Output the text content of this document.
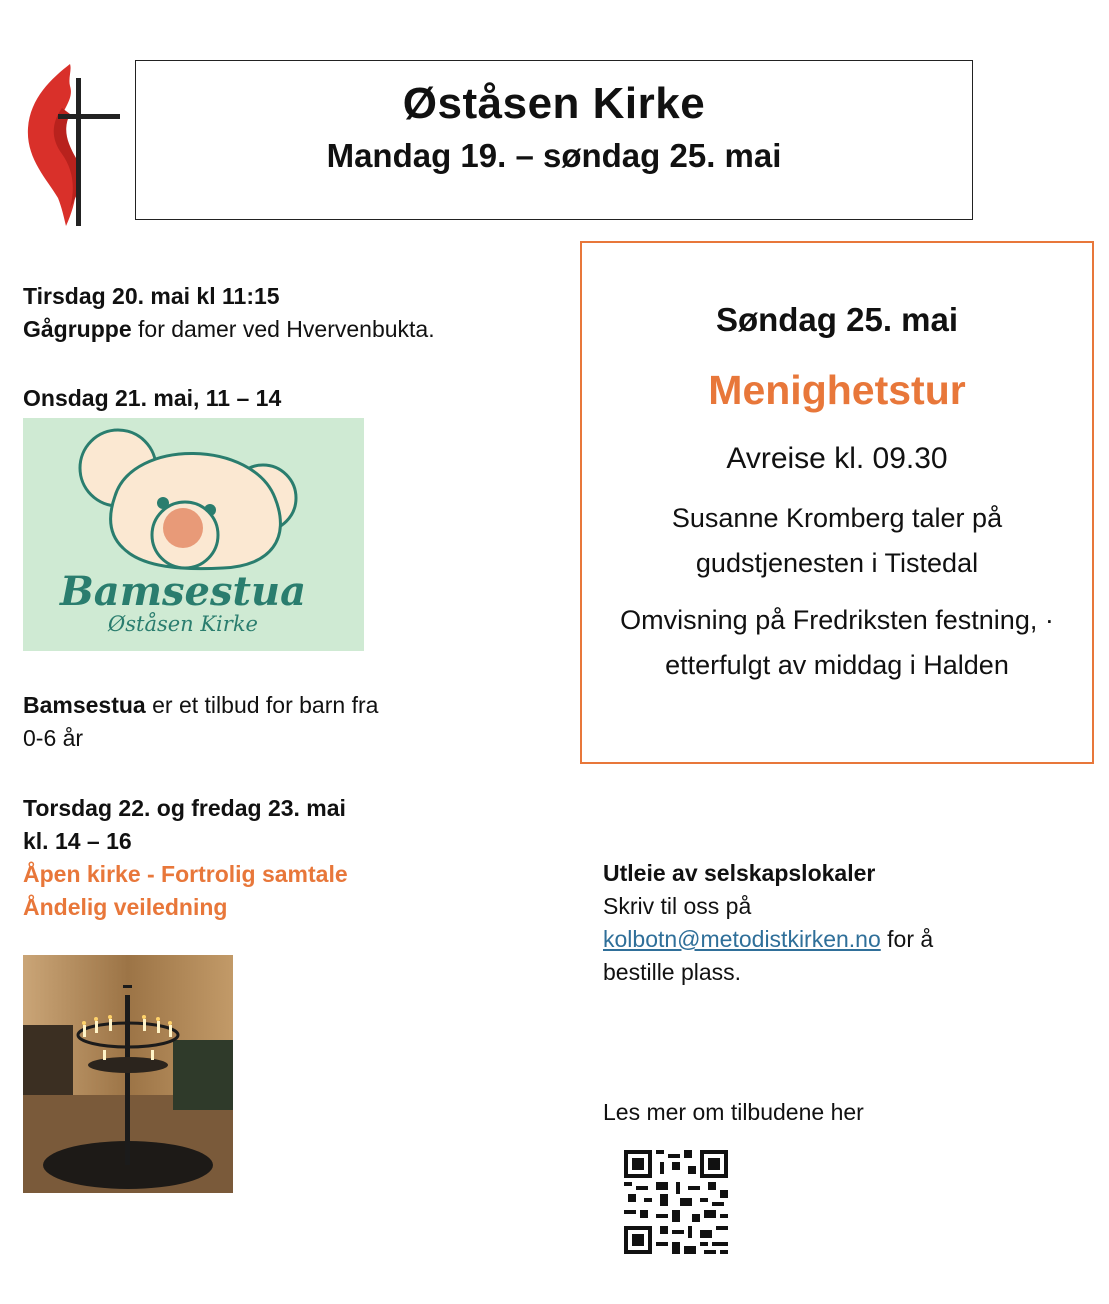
Øståsen Kirke
Mandag 19. – søndag 25. mai
Tirsdag 20. mai kl 11:15
Gågruppe for damer ved Hvervenbukta.
Onsdag 21. mai, 11 – 14
Bamsestua
Øståsen Kirke
Bamsestua er et tilbud for barn fra
0-6 år
Torsdag 22. og fredag 23. mai
kl. 14 – 16
Åpen kirke - Fortrolig samtale
Åndelig veiledning
Søndag 25. mai
Menighetstur
Avreise kl. 09.30
Susanne Kromberg taler på
gudstjenesten i Tistedal
Omvisning på Fredriksten festning, ·
etterfulgt av middag i Halden
Utleie av selskapslokaler
Skriv til oss på
kolbotn@metodistkirken.no for å
bestille plass.
Les mer om tilbudene her
